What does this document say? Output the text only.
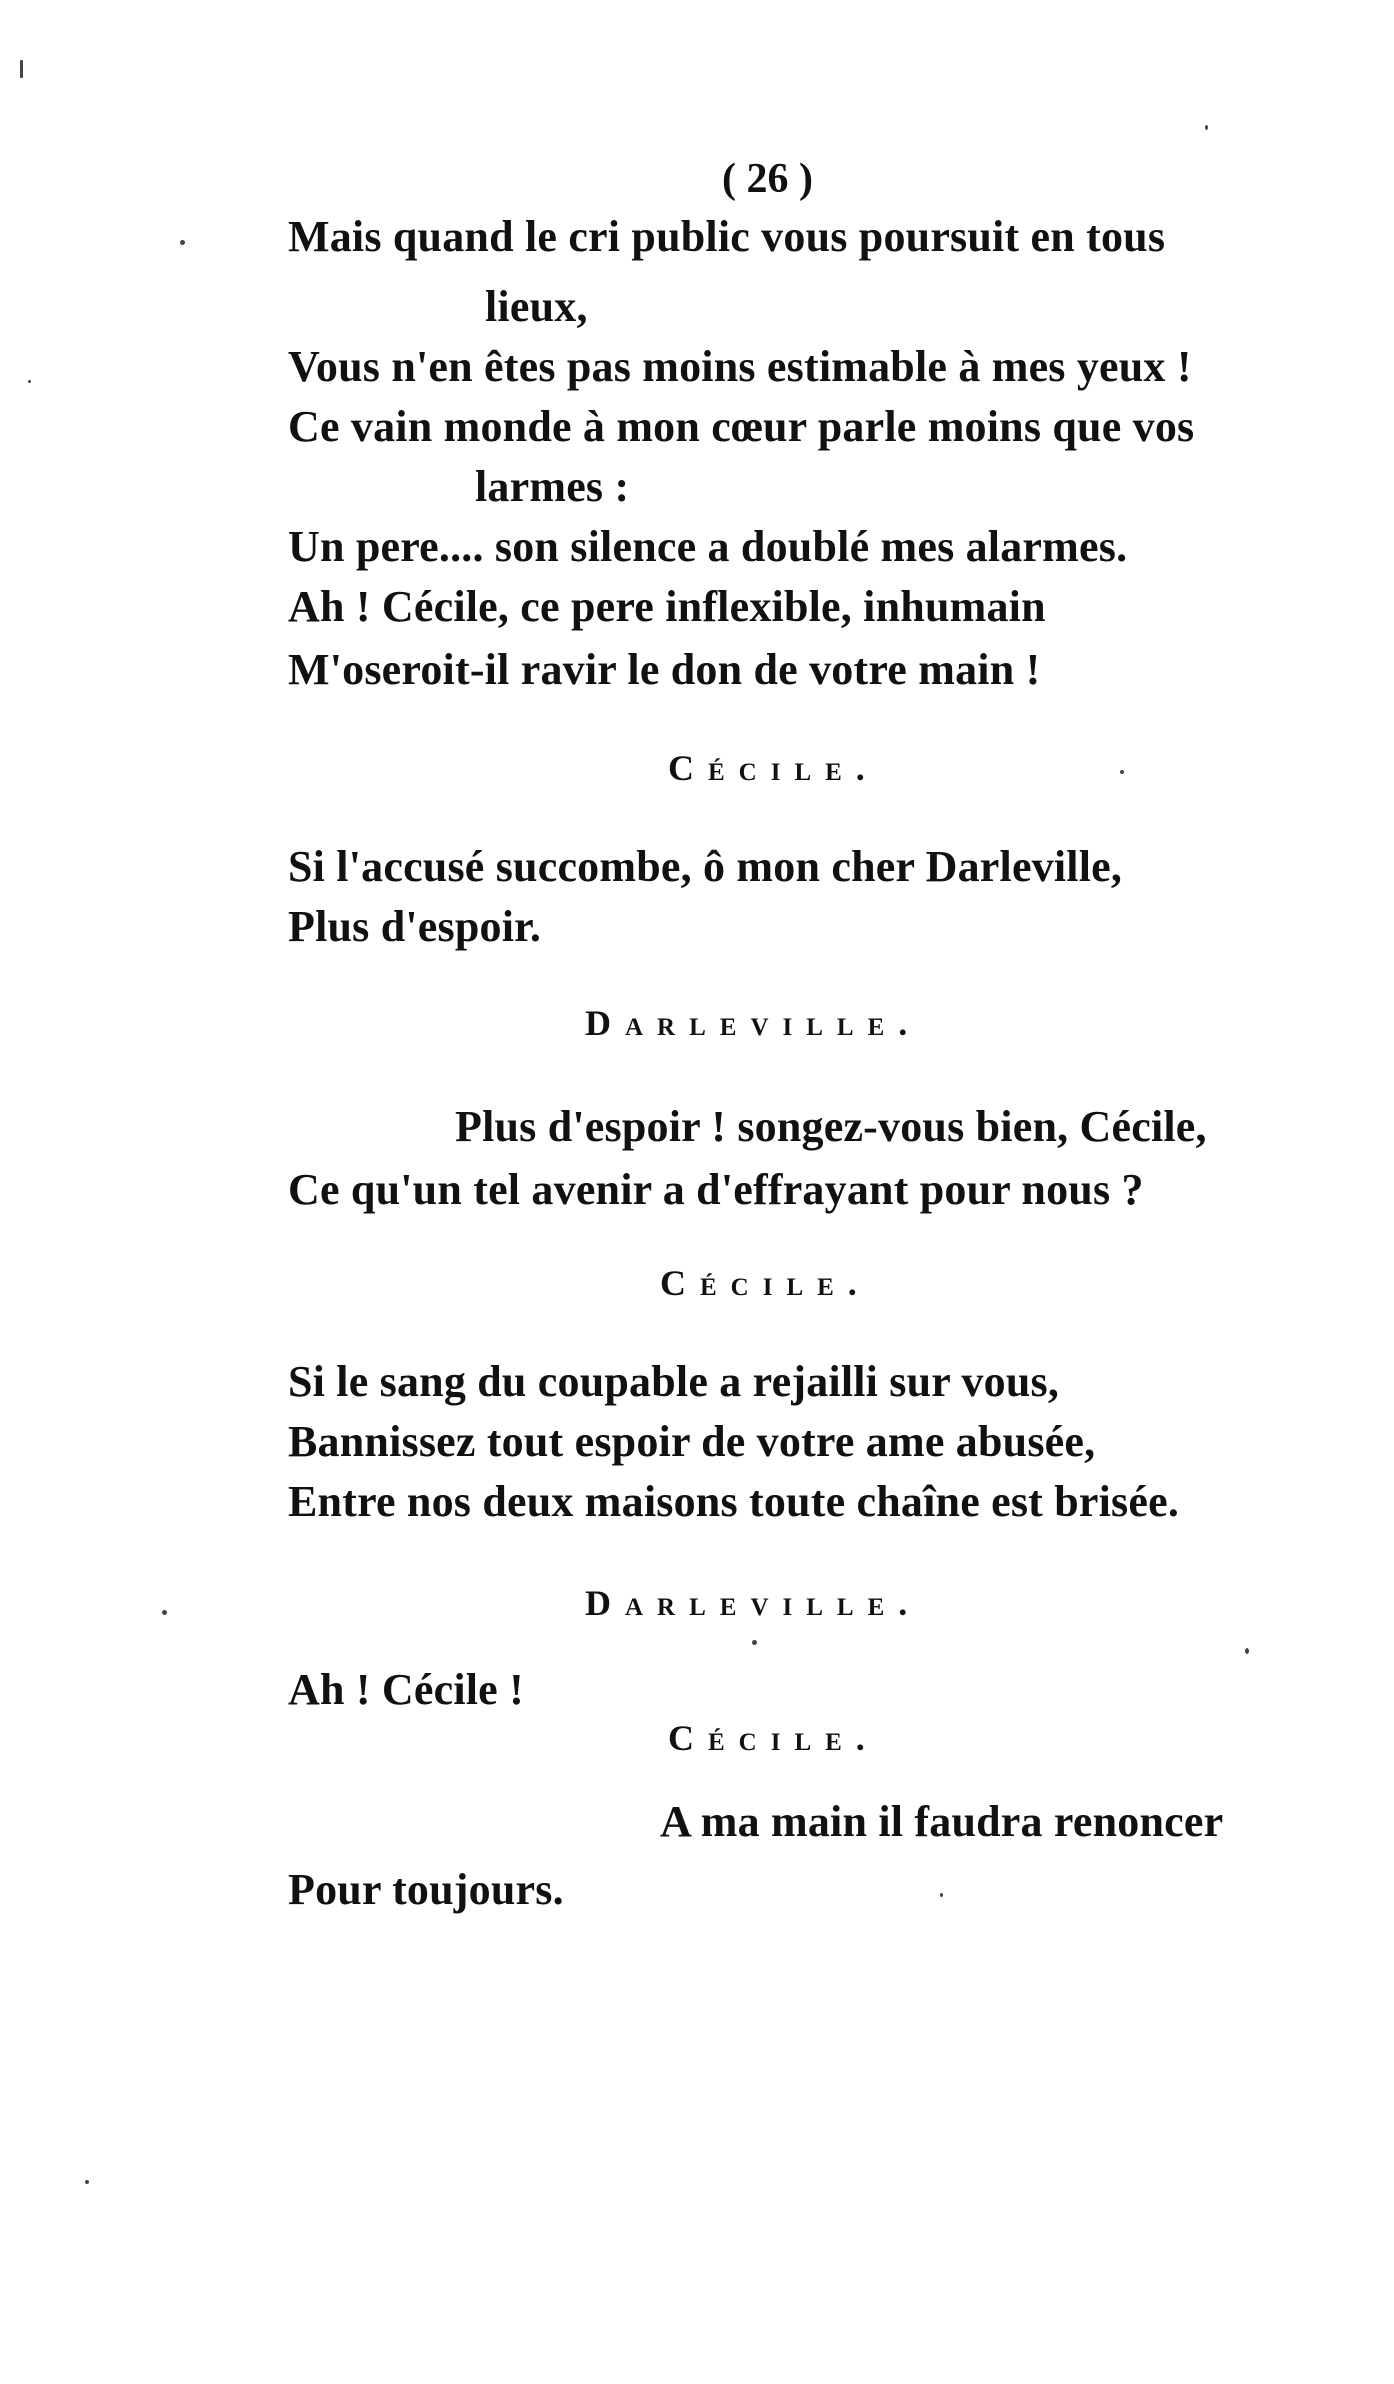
( 26 )
Mais quand le cri public vous poursuit en tous
lieux,
Vous n'en êtes pas moins estimable à mes yeux !
Ce vain monde à mon cœur parle moins que vos
larmes :
Un pere.... son silence a doublé mes alarmes.
Ah ! Cécile, ce pere inflexible, inhumain
M'oseroit-il ravir le don de votre main !
Cécile.
Si l'accusé succombe, ô mon cher Darleville,
Plus d'espoir.
Darleville.
Plus d'espoir ! songez-vous bien, Cécile,
Ce qu'un tel avenir a d'effrayant pour nous ?
Cécile.
Si le sang du coupable a rejailli sur vous,
Bannissez tout espoir de votre ame abusée,
Entre nos deux maisons toute chaîne est brisée.
Darleville.
Ah ! Cécile !
Cécile.
A ma main il faudra renoncer
Pour toujours.
